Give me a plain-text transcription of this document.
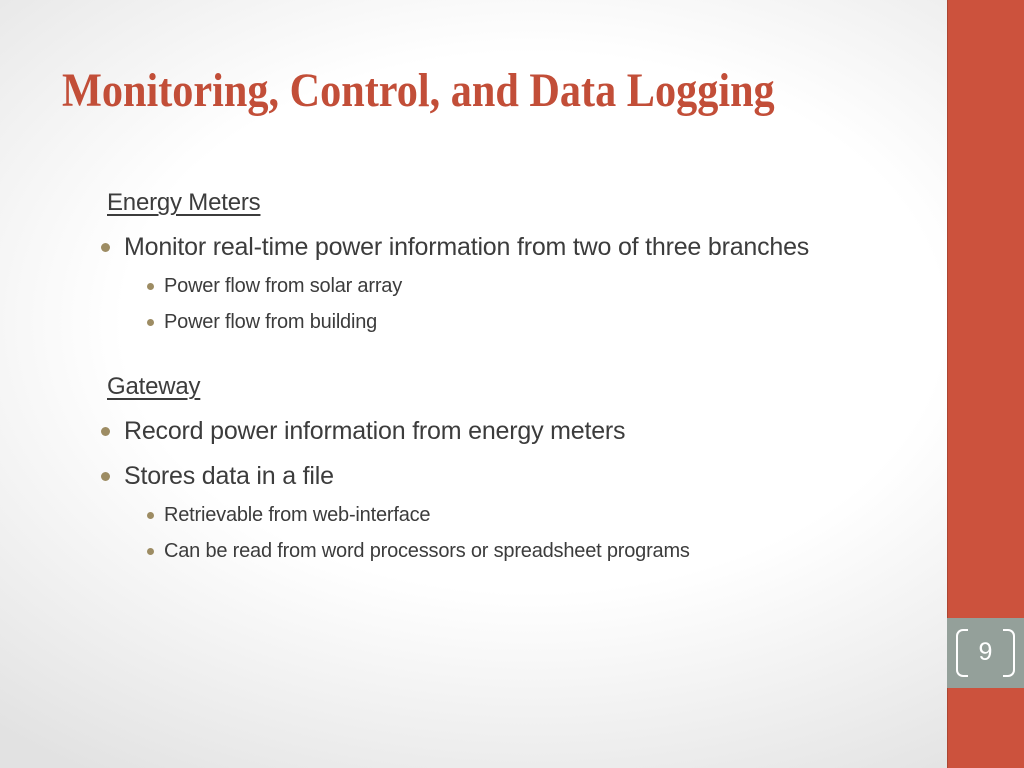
Monitoring, Control, and Data Logging
Energy Meters
Monitor real-time power information from two of three branches
Power flow from solar array
Power flow from building
Gateway
Record power information from energy meters
Stores data in a file
Retrievable from web-interface
Can be read from word processors or spreadsheet programs
9
